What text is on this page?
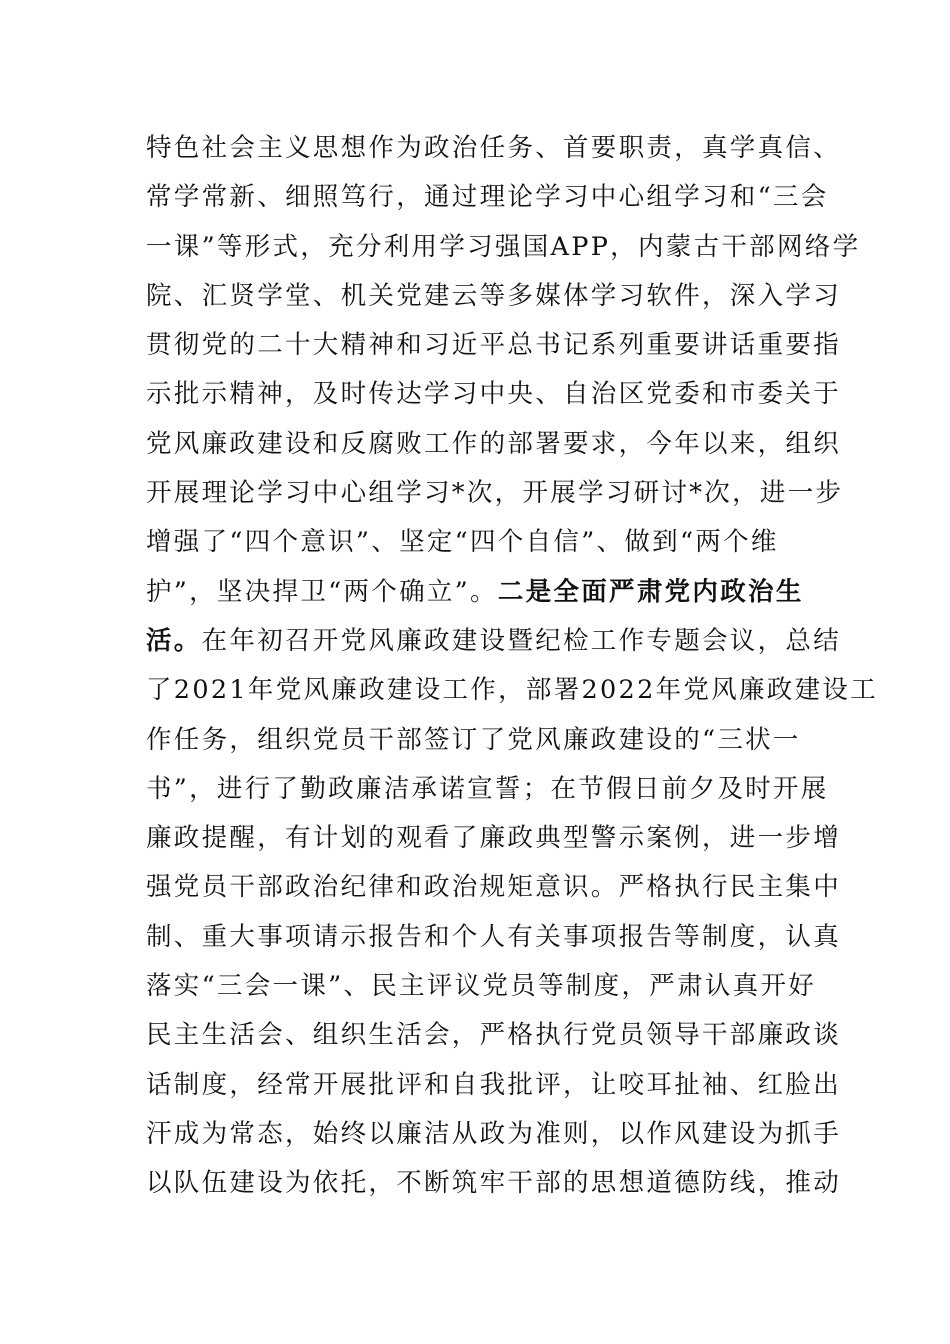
特色社会主义思想作为政治任务、首要职责，真学真信、
常学常新、细照笃行，通过理论学习中心组学习和“三会
一课”等形式，充分利用学习强国APP，内蒙古干部网络学
院、汇贤学堂、机关党建云等多媒体学习软件，深入学习
贯彻党的二十大精神和习近平总书记系列重要讲话重要指
示批示精神，及时传达学习中央、自治区党委和市委关于
党风廉政建设和反腐败工作的部署要求，今年以来，组织
开展理论学习中心组学习*次，开展学习研讨*次，进一步
增强了“四个意识”、坚定“四个自信”、做到“两个维
护”，坚决捍卫“两个确立”。二是全面严肃党内政治生
活。在年初召开党风廉政建设暨纪检工作专题会议，总结
了2021年党风廉政建设工作，部署2022年党风廉政建设工
作任务，组织党员干部签订了党风廉政建设的“三状一
书”，进行了勤政廉洁承诺宣誓；在节假日前夕及时开展
廉政提醒，有计划的观看了廉政典型警示案例，进一步增
强党员干部政治纪律和政治规矩意识。严格执行民主集中
制、重大事项请示报告和个人有关事项报告等制度，认真
落实“三会一课”、民主评议党员等制度，严肃认真开好
民主生活会、组织生活会，严格执行党员领导干部廉政谈
话制度，经常开展批评和自我批评，让咬耳扯袖、红脸出
汗成为常态，始终以廉洁从政为准则，以作风建设为抓手
以队伍建设为依托，不断筑牢干部的思想道德防线，推动
